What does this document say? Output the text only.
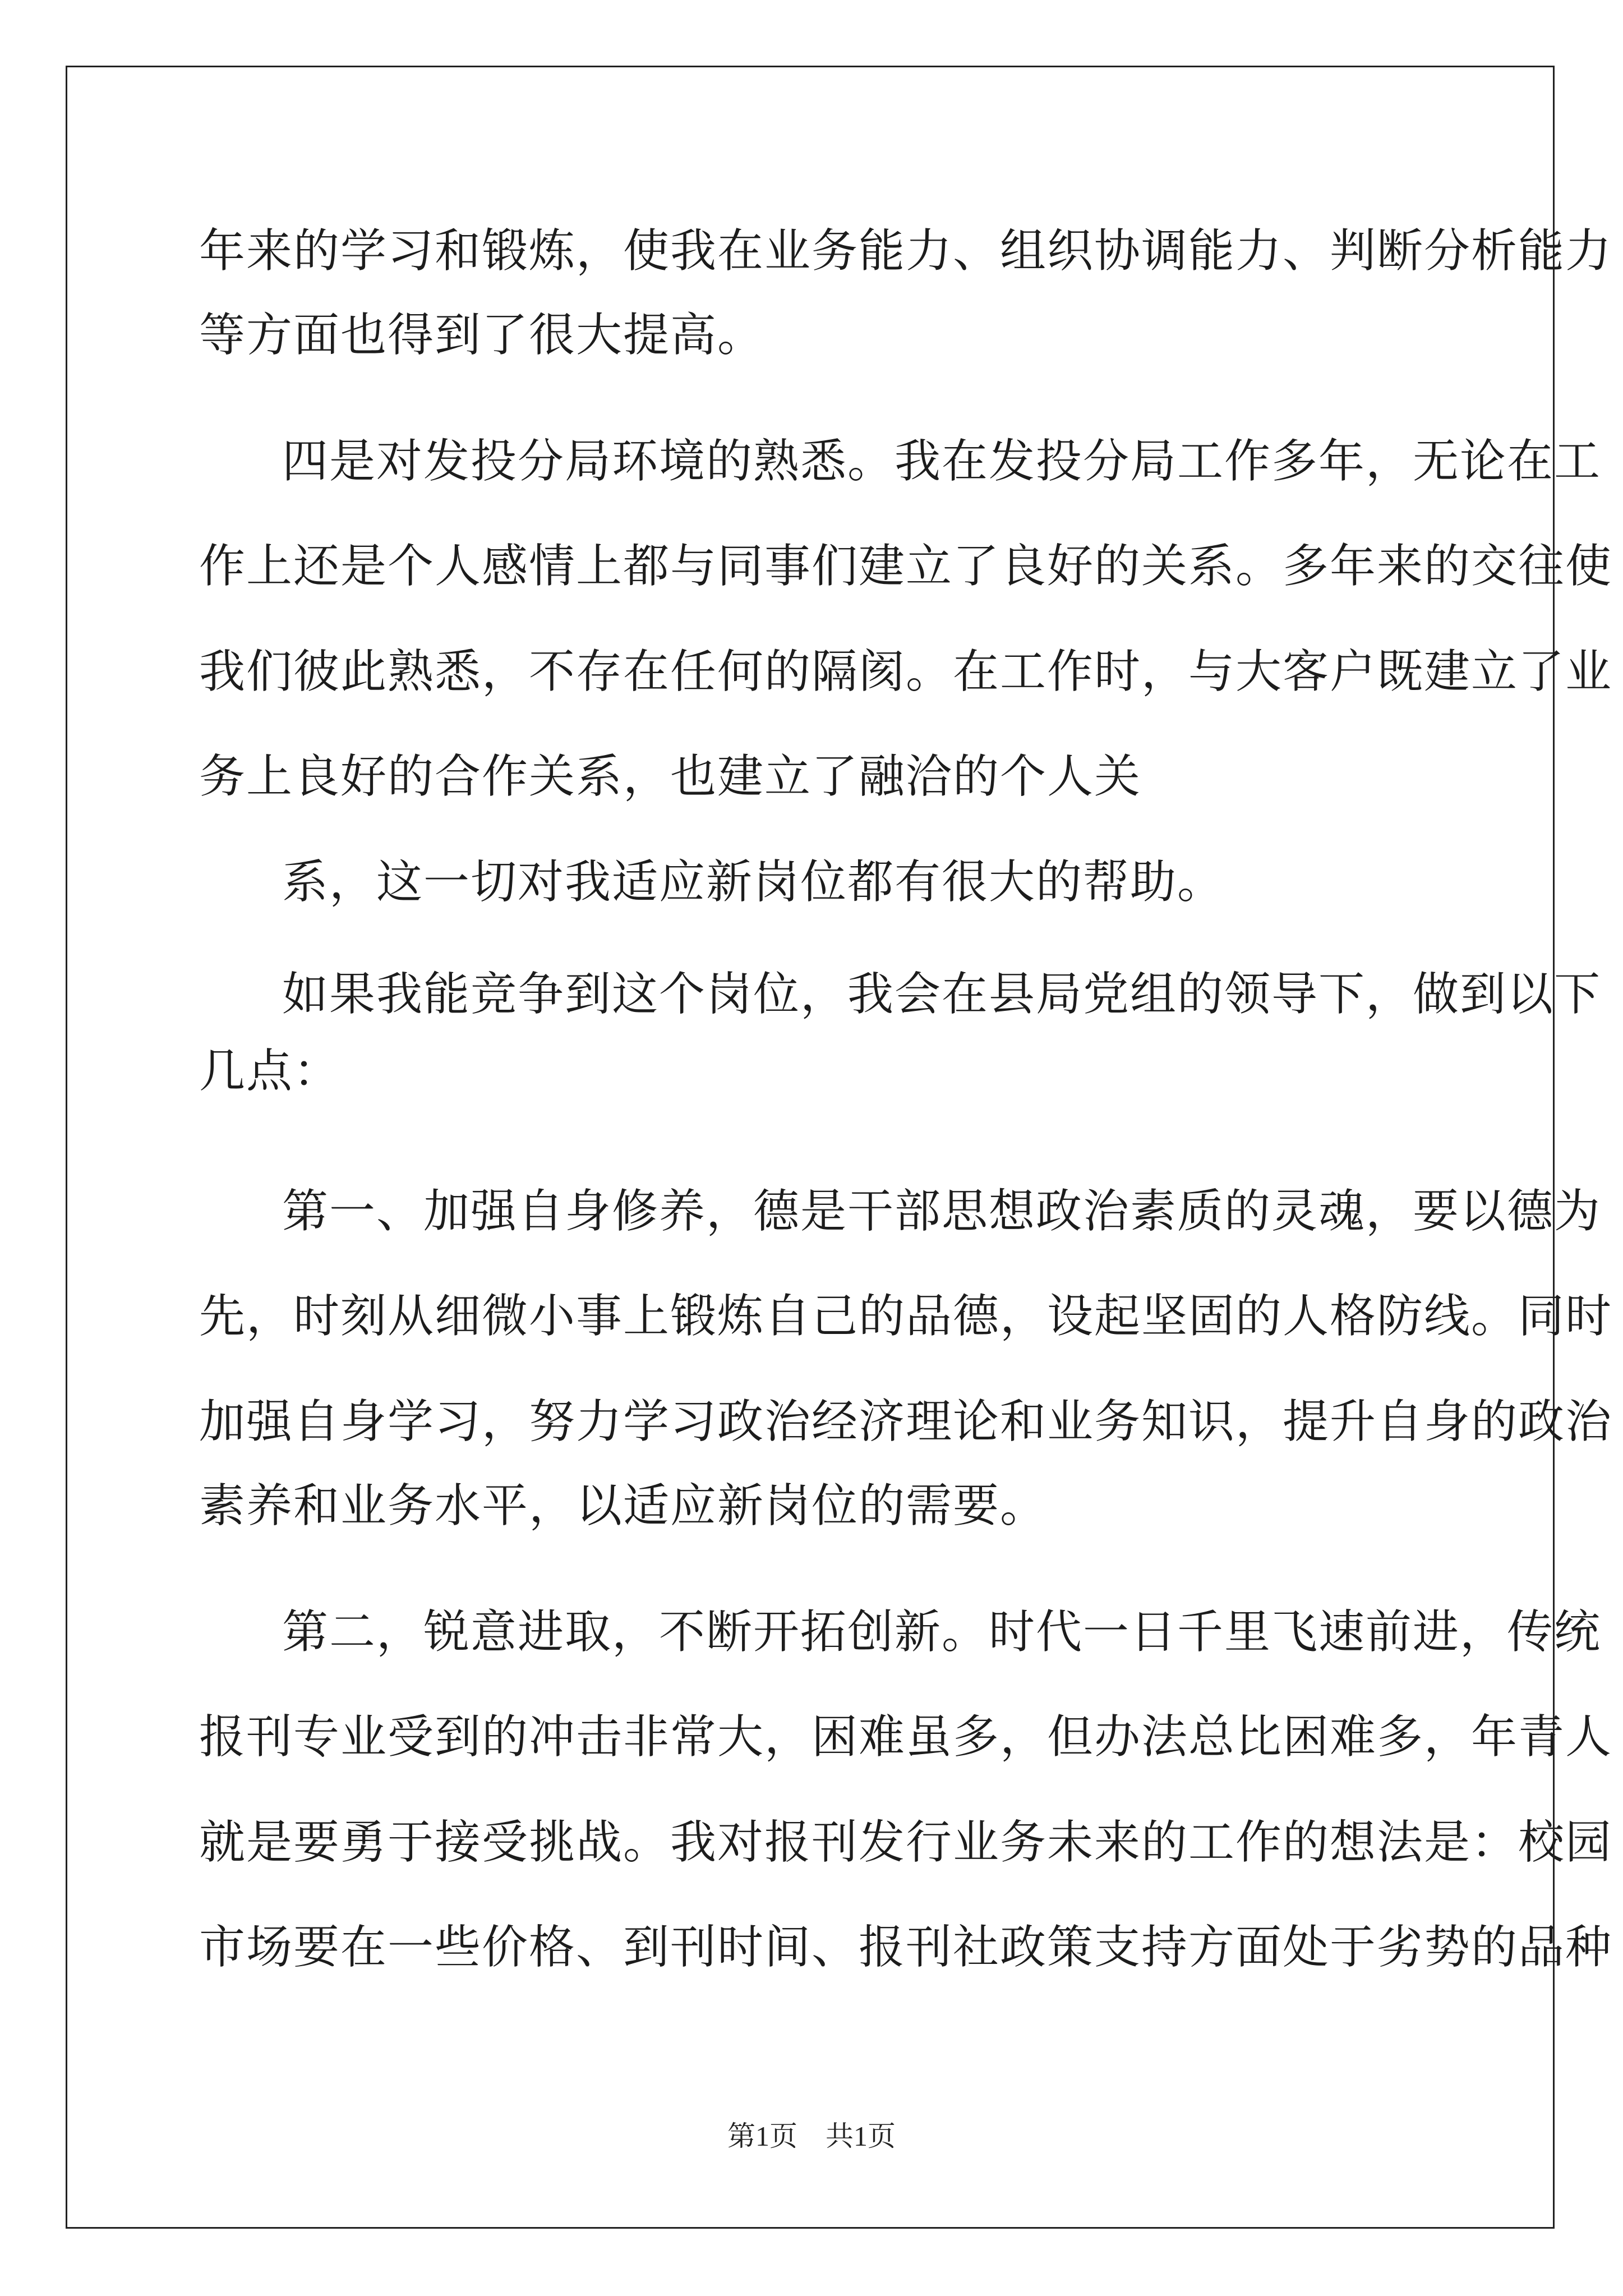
年来的学习和锻炼，使我在业务能力、组织协调能力、判断分析能力
等方面也得到了很大提高。
四是对发投分局环境的熟悉。我在发投分局工作多年，无论在工
作上还是个人感情上都与同事们建立了良好的关系。多年来的交往使
我们彼此熟悉，不存在任何的隔阂。在工作时，与大客户既建立了业
务上良好的合作关系，也建立了融洽的个人关
系，这一切对我适应新岗位都有很大的帮助。
如果我能竞争到这个岗位，我会在县局党组的领导下，做到以下
几点：
第一、加强自身修养，德是干部思想政治素质的灵魂，要以德为
先，时刻从细微小事上锻炼自己的品德，设起坚固的人格防线。同时
加强自身学习，努力学习政治经济理论和业务知识，提升自身的政治
素养和业务水平，以适应新岗位的需要。
第二，锐意进取，不断开拓创新。时代一日千里飞速前进，传统
报刊专业受到的冲击非常大，困难虽多，但办法总比困难多，年青人
就是要勇于接受挑战。我对报刊发行业务未来的工作的想法是：校园
市场要在一些价格、到刊时间、报刊社政策支持方面处于劣势的品种
第1页 共1页
